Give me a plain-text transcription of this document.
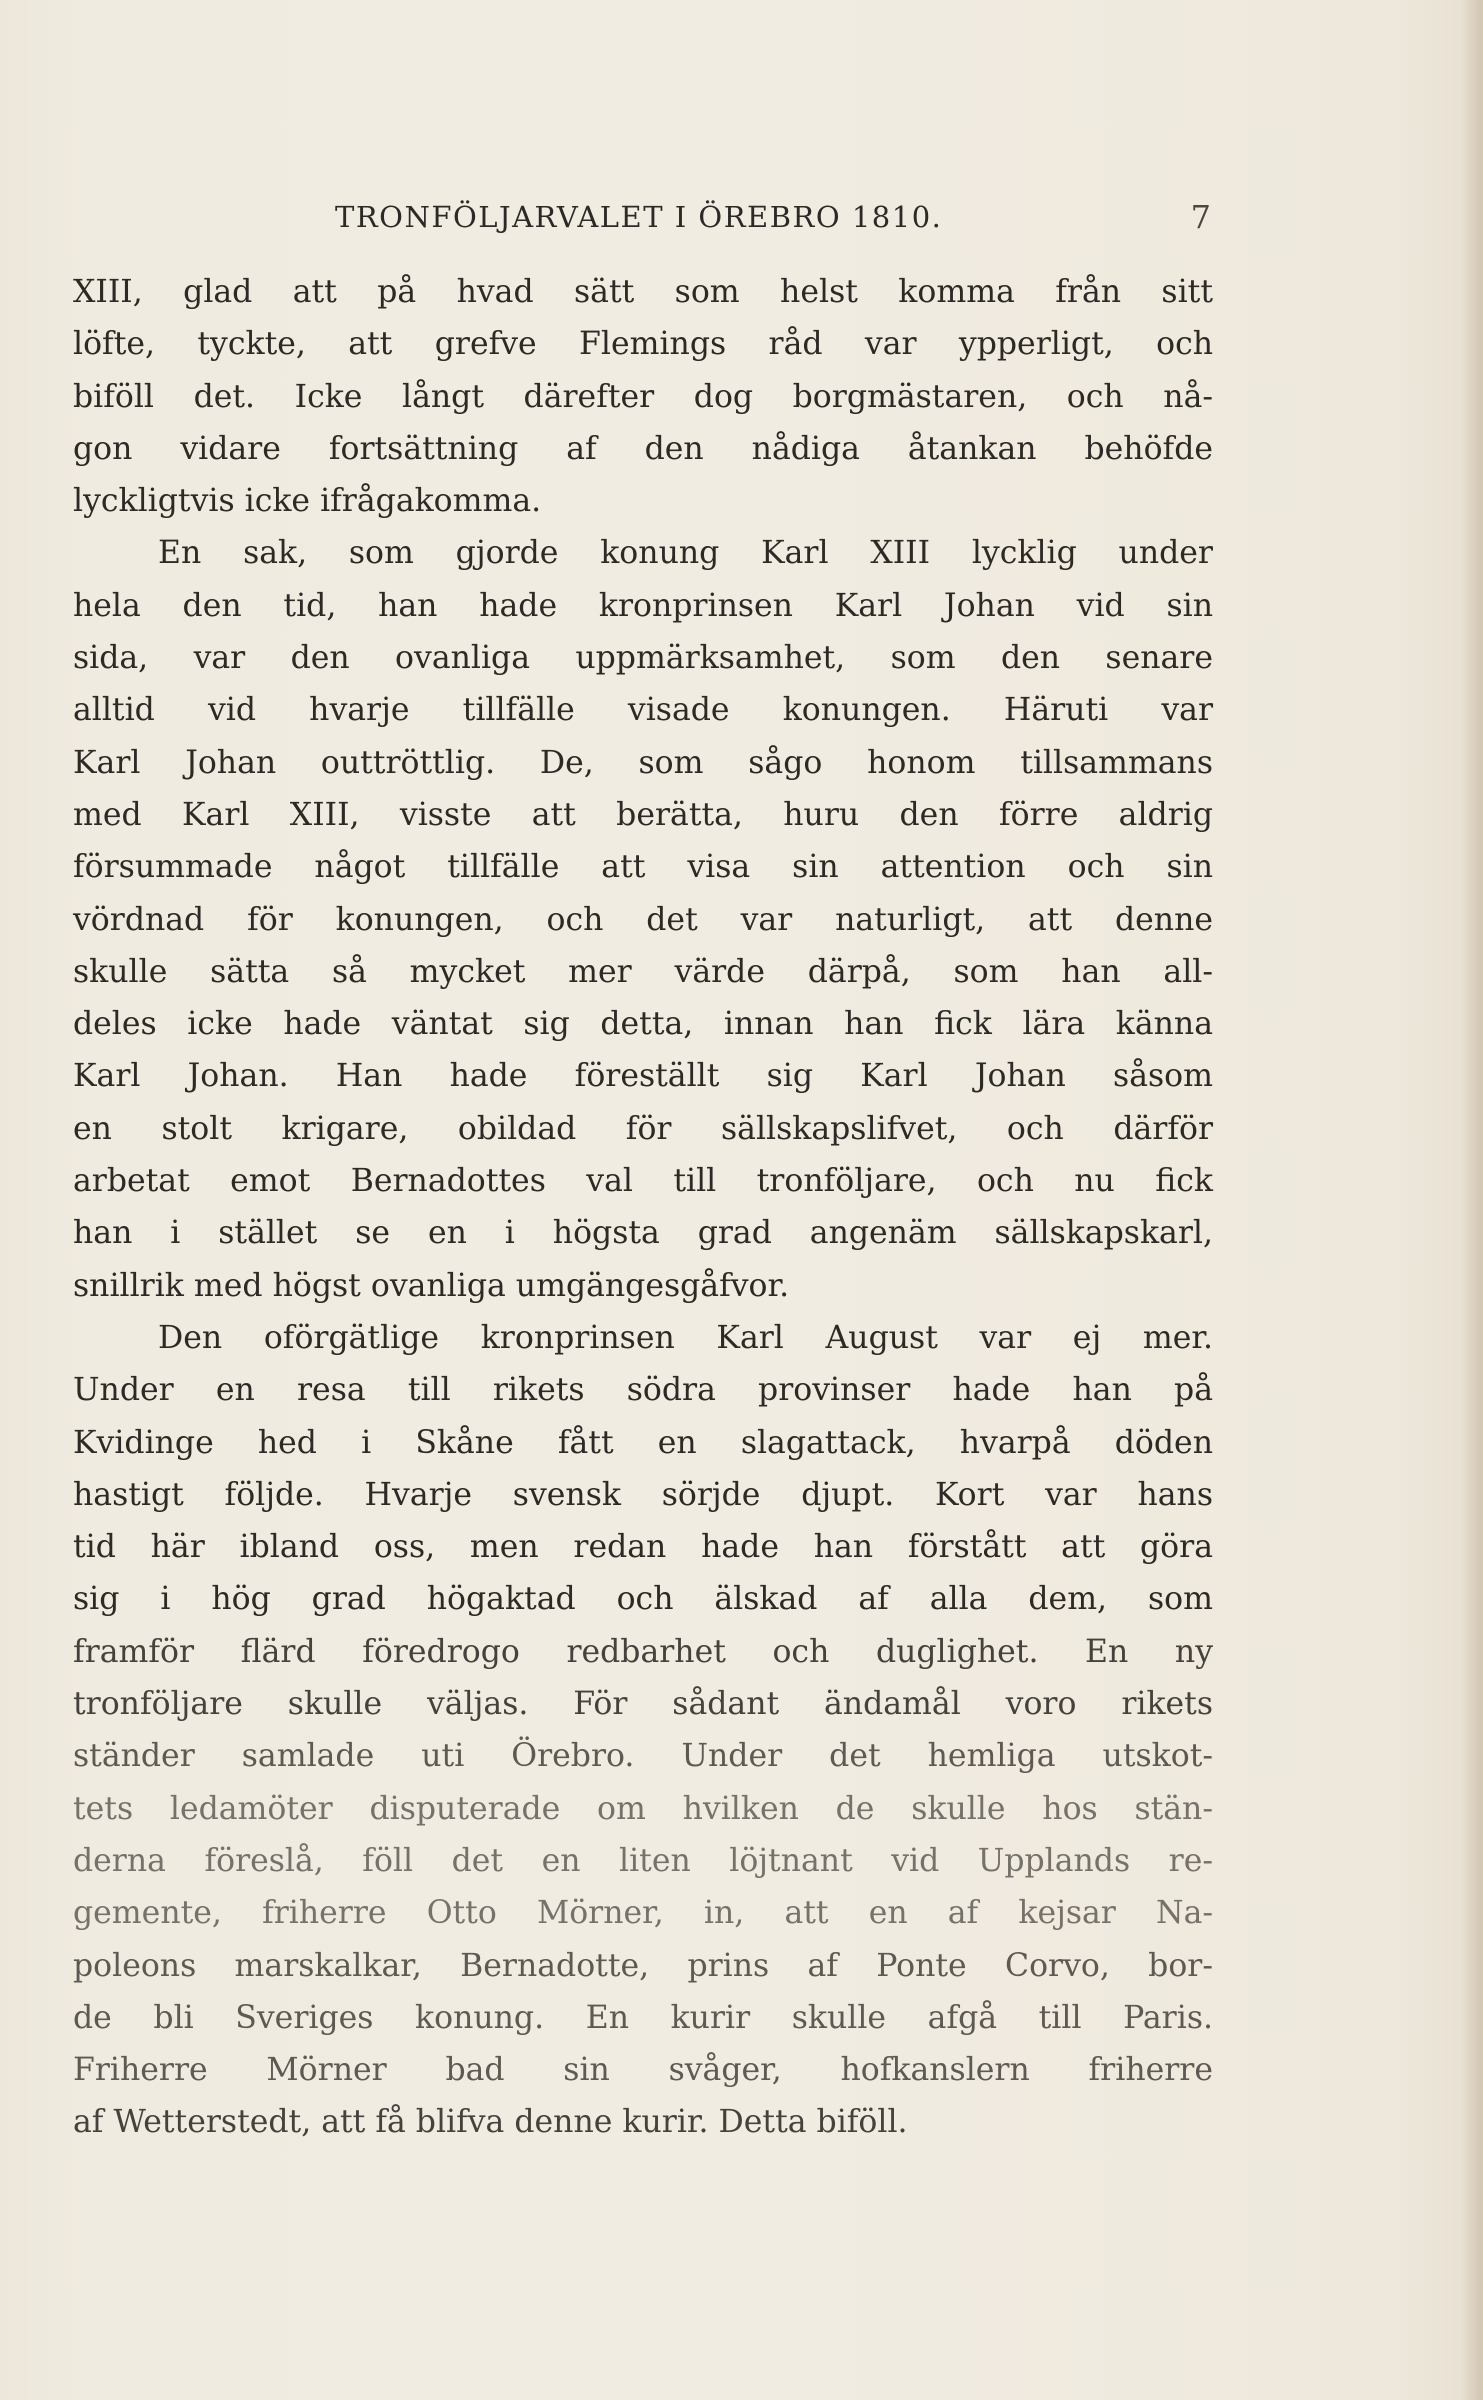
TRONFÖLJARVALET I ÖREBRO 1810.	7
XIII, glad att på hvad sätt som helst komma från sitt
löfte, tyckte, att grefve Flemings råd var ypperligt, och
biföll det. Icke långt därefter dog borgmästaren, och nå-
gon vidare fortsättning af den nådiga åtankan behöfde
lyckligtvis icke ifrågakomma.
En sak, som gjorde konung Karl XIII lycklig under
hela den tid, han hade kronprinsen Karl Johan vid sin
sida, var den ovanliga uppmärksamhet, som den senare
alltid vid hvarje tillfälle visade konungen. Häruti var
Karl Johan outtröttlig. De, som sågo honom tillsammans
med Karl XIII, visste att berätta, huru den förre aldrig
försummade något tillfälle att visa sin attention och sin
vördnad för konungen, och det var naturligt, att denne
skulle sätta så mycket mer värde därpå, som han all-
deles icke hade väntat sig detta, innan han fick lära känna
Karl Johan. Han hade föreställt sig Karl Johan såsom
en stolt krigare, obildad för sällskapslifvet, och därför
arbetat emot Bernadottes val till tronföljare, och nu fick
han i stället se en i högsta grad angenäm sällskapskarl,
snillrik med högst ovanliga umgängesgåfvor.
Den oförgätlige kronprinsen Karl August var ej mer.
Under en resa till rikets södra provinser hade han på
Kvidinge hed i Skåne fått en slagattack, hvarpå döden
hastigt följde. Hvarje svensk sörjde djupt. Kort var hans
tid här ibland oss, men redan hade han förstått att göra
sig i hög grad högaktad och älskad af alla dem, som
framför flärd föredrogo redbarhet och duglighet. En ny
tronföljare skulle väljas. För sådant ändamål voro rikets
ständer samlade uti Örebro. Under det hemliga utskot-
tets ledamöter disputerade om hvilken de skulle hos stän-
derna föreslå, föll det en liten löjtnant vid Upplands re-
gemente, friherre Otto Mörner, in, att en af kejsar Na-
poleons marskalkar, Bernadotte, prins af Ponte Corvo, bor-
de bli Sveriges konung. En kurir skulle afgå till Paris.
Friherre Mörner bad sin svåger, hofkanslern friherre
af Wetterstedt, att få blifva denne kurir. Detta biföll.
